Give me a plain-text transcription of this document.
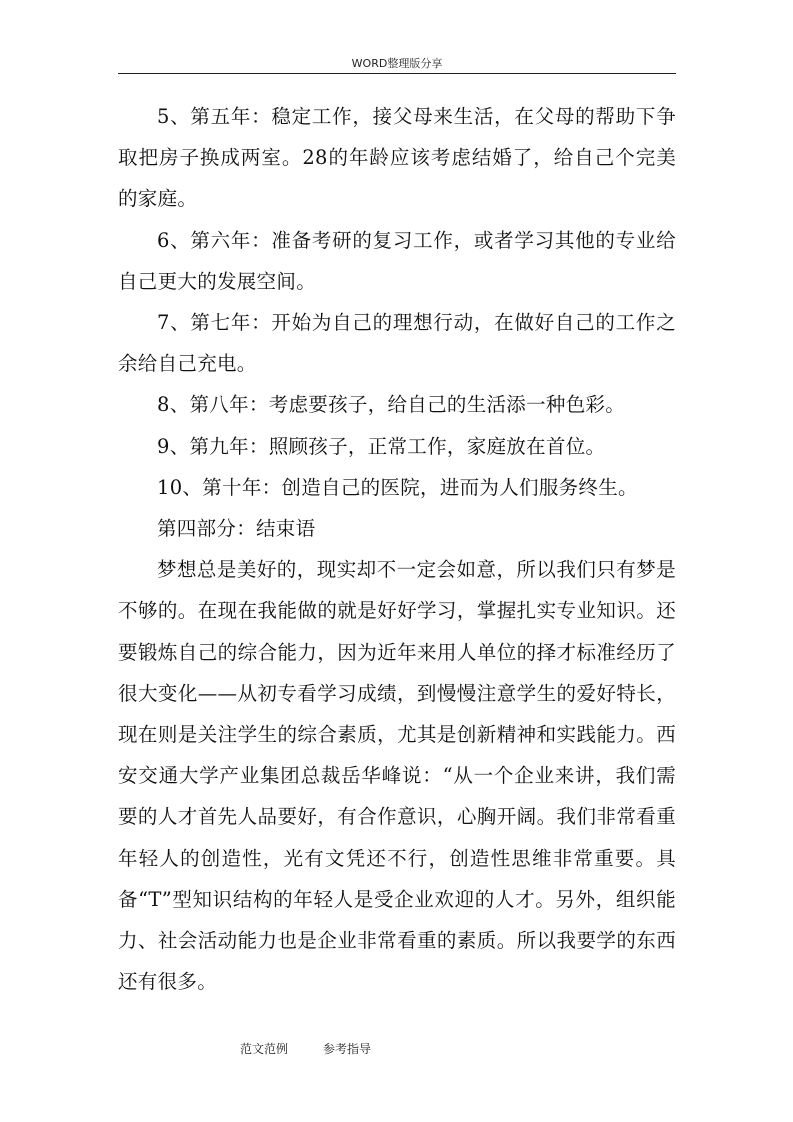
WORD整理版分享

5、第五年：稳定工作，接父母来生活，在父母的帮助下争取把房子换成两室。28的年龄应该考虑结婚了，给自己个完美的家庭。

6、第六年：准备考研的复习工作，或者学习其他的专业给自己更大的发展空间。

7、第七年：开始为自己的理想行动，在做好自己的工作之余给自己充电。

8、第八年：考虑要孩子，给自己的生活添一种色彩。

9、第九年：照顾孩子，正常工作，家庭放在首位。

10、第十年：创造自己的医院，进而为人们服务终生。

第四部分：结束语

梦想总是美好的，现实却不一定会如意，所以我们只有梦是不够的。在现在我能做的就是好好学习，掌握扎实专业知识。还要锻炼自己的综合能力，因为近年来用人单位的择才标准经历了很大变化——从初专看学习成绩，到慢慢注意学生的爱好特长，现在则是关注学生的综合素质，尤其是创新精神和实践能力。西安交通大学产业集团总裁岳华峰说：“从一个企业来讲，我们需要的人才首先人品要好，有合作意识，心胸开阔。我们非常看重年轻人的创造性，光有文凭还不行，创造性思维非常重要。具备“T”型知识结构的年轻人是受企业欢迎的人才。另外，组织能力、社会活动能力也是企业非常看重的素质。所以我要学的东西还有很多。

范文范例	参考指导
